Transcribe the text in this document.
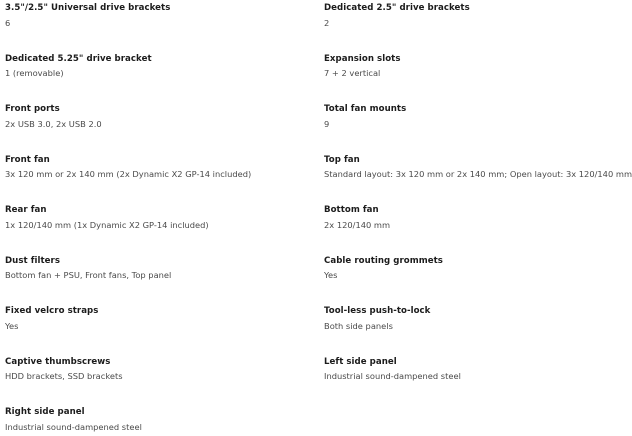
3.5"/2.5" Universal drive brackets
6
Dedicated 2.5" drive brackets
2
Dedicated 5.25" drive bracket
1 (removable)
Expansion slots
7 + 2 vertical
Front ports
2x USB 3.0, 2x USB 2.0
Total fan mounts
9
Front fan
3x 120 mm or 2x 140 mm (2x Dynamic X2 GP-14 included)
Top fan
Standard layout: 3x 120 mm or 2x 140 mm; Open layout: 3x 120/140 mm
Rear fan
1x 120/140 mm (1x Dynamic X2 GP-14 included)
Bottom fan
2x 120/140 mm
Dust filters
Bottom fan + PSU, Front fans, Top panel
Cable routing grommets
Yes
Fixed velcro straps
Yes
Tool-less push-to-lock
Both side panels
Captive thumbscrews
HDD brackets, SSD brackets
Left side panel
Industrial sound-dampened steel
Right side panel
Industrial sound-dampened steel
